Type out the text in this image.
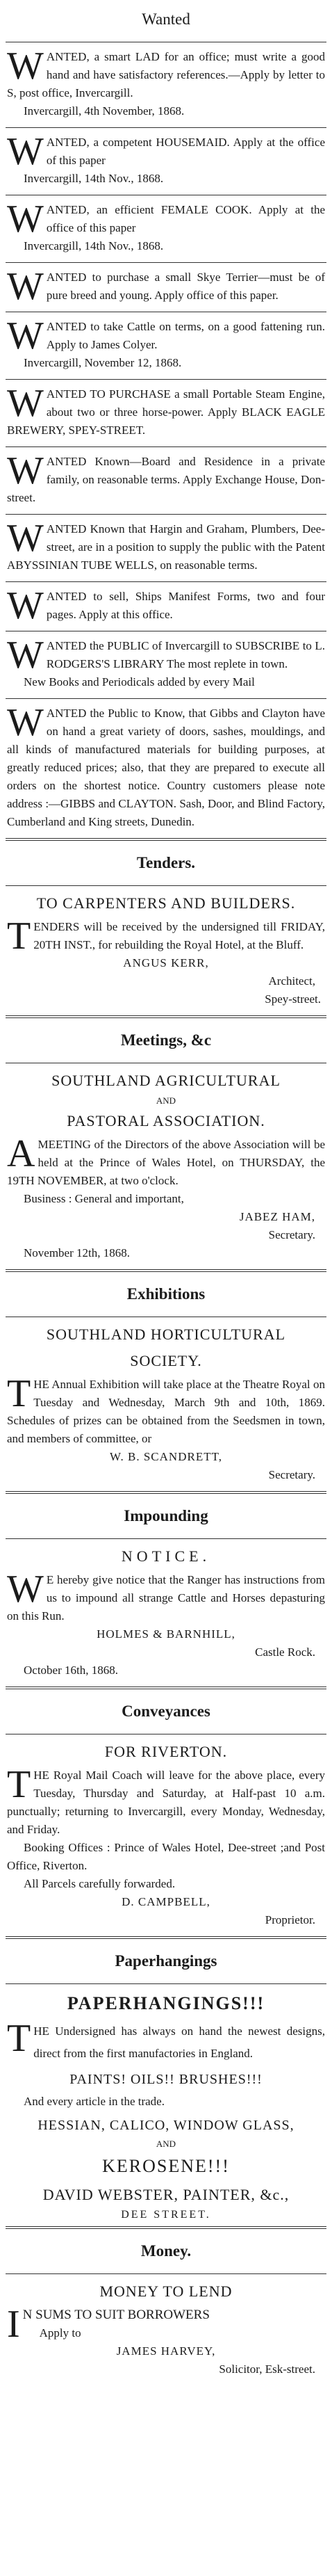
Wanted

WANTED, a smart LAD for an office; must write a good hand and have satisfactory references.—Apply by letter to S, post office, Invercargill.

Invercargill, 4th November, 1868.

WANTED, a competent HOUSEMAID. Apply at the office of this paper

Invercargill, 14th Nov., 1868.

WANTED, an efficient FEMALE COOK. Apply at the office of this paper

Invercargill, 14th Nov., 1868.

WANTED to purchase a small Skye Terrier—must be of pure breed and young. Apply office of this paper.

WANTED to take Cattle on terms, on a good fattening run. Apply to James Colyer.

Invercargill, November 12, 1868.

WANTED TO PURCHASE a small Portable Steam Engine, about two or three horse-power. Apply BLACK EAGLE BREWERY, SPEY-STREET.

WANTED Known—Board and Residence in a private family, on reasonable terms. Apply Exchange House, Don-street.

WANTED Known that Hargin and Graham, Plumbers, Dee-street, are in a position to supply the public with the Patent ABYSSINIAN TUBE WELLS, on reasonable terms.

WANTED to sell, Ships Manifest Forms, two and four pages. Apply at this office.

WANTED the PUBLIC of Invercargill to SUBSCRIBE to L. RODGERS'S LIBRARY The most replete in town.

New Books and Periodicals added by every Mail

WANTED the Public to Know, that Gibbs and Clayton have on hand a great variety of doors, sashes, mouldings, and all kinds of manufactured materials for building purposes, at greatly reduced prices; also, that they are prepared to execute all orders on the shortest notice. Country customers please note address :—GIBBS and CLAYTON. Sash, Door, and Blind Factory, Cumberland and King streets, Dunedin.

Tenders.
TO CARPENTERS AND BUILDERS.

TENDERS will be received by the undersigned till FRIDAY, 20TH INST., for rebuilding the Royal Hotel, at the Bluff.

ANGUS KERR,

Architect,

Spey-street.

Meetings, &c
SOUTHLAND AGRICULTURAL
AND
PASTORAL ASSOCIATION.

AMEETING of the Directors of the above Association will be held at the Prince of Wales Hotel, on THURSDAY, the 19TH NOVEMBER, at two o'clock.

Business : General and important,

JABEZ HAM,

Secretary.

November 12th, 1868.

Exhibitions
SOUTHLAND HORTICULTURAL
SOCIETY.

THE Annual Exhibition will take place at the Theatre Royal on Tuesday and Wednesday, March 9th and 10th, 1869. Schedules of prizes can be obtained from the Seedsmen in town, and members of committee, or

W. B. SCANDRETT,

Secretary.

Impounding
NOTICE.

W E hereby give notice that the Ranger has instructions from us to impound all strange Cattle and Horses depasturing on this Run.

HOLMES & BARNHILL,

Castle Rock.

October 16th, 1868.

Conveyances
FOR RIVERTON.

THE Royal Mail Coach will leave for the above place, every Tuesday, Thursday and Saturday, at Half-past 10 a.m. punctually; returning to Invercargill, every Monday, Wednesday, and Friday.

Booking Offices : Prince of Wales Hotel, Dee-street ;and Post Office, Riverton.

All Parcels carefully forwarded.

D. CAMPBELL,

Proprietor.

Paperhangings
PAPERHANGINGS!!!

THE Undersigned has always on hand the newest designs, direct from the first manufactories in England.

PAINTS! OILS!! BRUSHES!!!

And every article in the trade.

HESSIAN, CALICO, WINDOW GLASS,
AND
KEROSENE!!!
DAVID WEBSTER, PAINTER, &c.,
DEE STREET.
Money.
MONEY TO LEND

I N SUMS TO SUIT BORROWERS

Apply to

JAMES HARVEY,

Solicitor, Esk-street.
